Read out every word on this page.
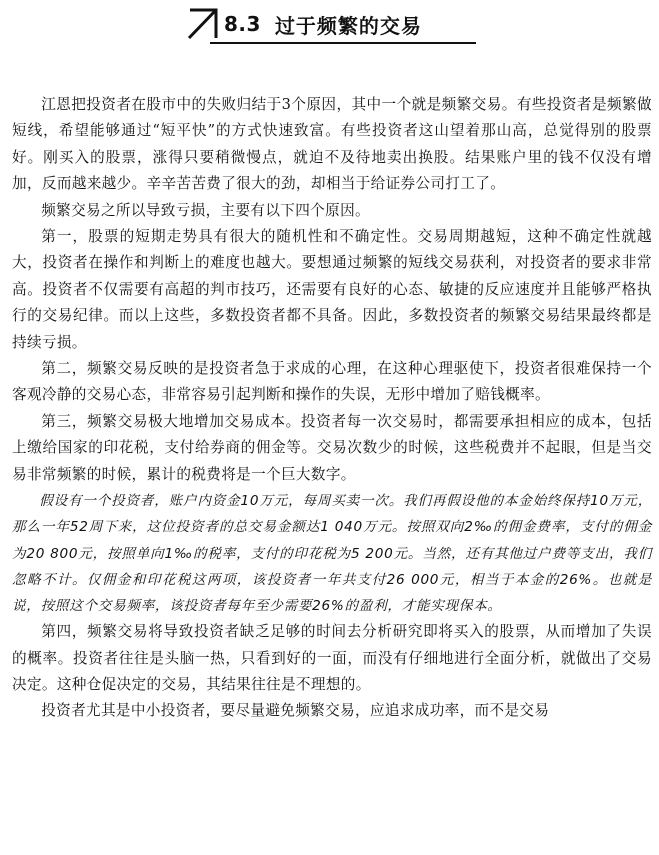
8.3 过于频繁的交易

江恩把投资者在股市中的失败归结于3个原因，其中一个就是频繁交易。有些投资者是频繁做短线，希望能够通过“短平快”的方式快速致富。有些投资者这山望着那山高，总觉得别的股票好。刚买入的股票，涨得只要稍微慢点，就迫不及待地卖出换股。结果账户里的钱不仅没有增加，反而越来越少。辛辛苦苦费了很大的劲，却相当于给证券公司打工了。

频繁交易之所以导致亏损，主要有以下四个原因。

第一，股票的短期走势具有很大的随机性和不确定性。交易周期越短，这种不确定性就越大，投资者在操作和判断上的难度也越大。要想通过频繁的短线交易获利，对投资者的要求非常高。投资者不仅需要有高超的判市技巧，还需要有良好的心态、敏捷的反应速度并且能够严格执行的交易纪律。而以上这些，多数投资者都不具备。因此，多数投资者的频繁交易结果最终都是持续亏损。

第二，频繁交易反映的是投资者急于求成的心理，在这种心理驱使下，投资者很难保持一个客观冷静的交易心态，非常容易引起判断和操作的失误，无形中增加了赔钱概率。

第三，频繁交易极大地增加交易成本。投资者每一次交易时，都需要承担相应的成本，包括上缴给国家的印花税，支付给券商的佣金等。交易次数少的时候，这些税费并不起眼，但是当交易非常频繁的时候，累计的税费将是一个巨大数字。

假设有一个投资者，账户内资金10万元，每周买卖一次。我们再假设他的本金始终保持10万元，那么一年52周下来，这位投资者的总交易金额达1 040万元。按照双向2‰的佣金费率，支付的佣金为20 800元，按照单向1‰的税率，支付的印花税为5 200元。当然，还有其他过户费等支出，我们忽略不计。仅佣金和印花税这两项，该投资者一年共支付26 000元，相当于本金的26%。也就是说，按照这个交易频率，该投资者每年至少需要26%的盈利，才能实现保本。

第四，频繁交易将导致投资者缺乏足够的时间去分析研究即将买入的股票，从而增加了失误的概率。投资者往往是头脑一热，只看到好的一面，而没有仔细地进行全面分析，就做出了交易决定。这种仓促决定的交易，其结果往往是不理想的。

投资者尤其是中小投资者，要尽量避免频繁交易，应追求成功率，而不是交易
